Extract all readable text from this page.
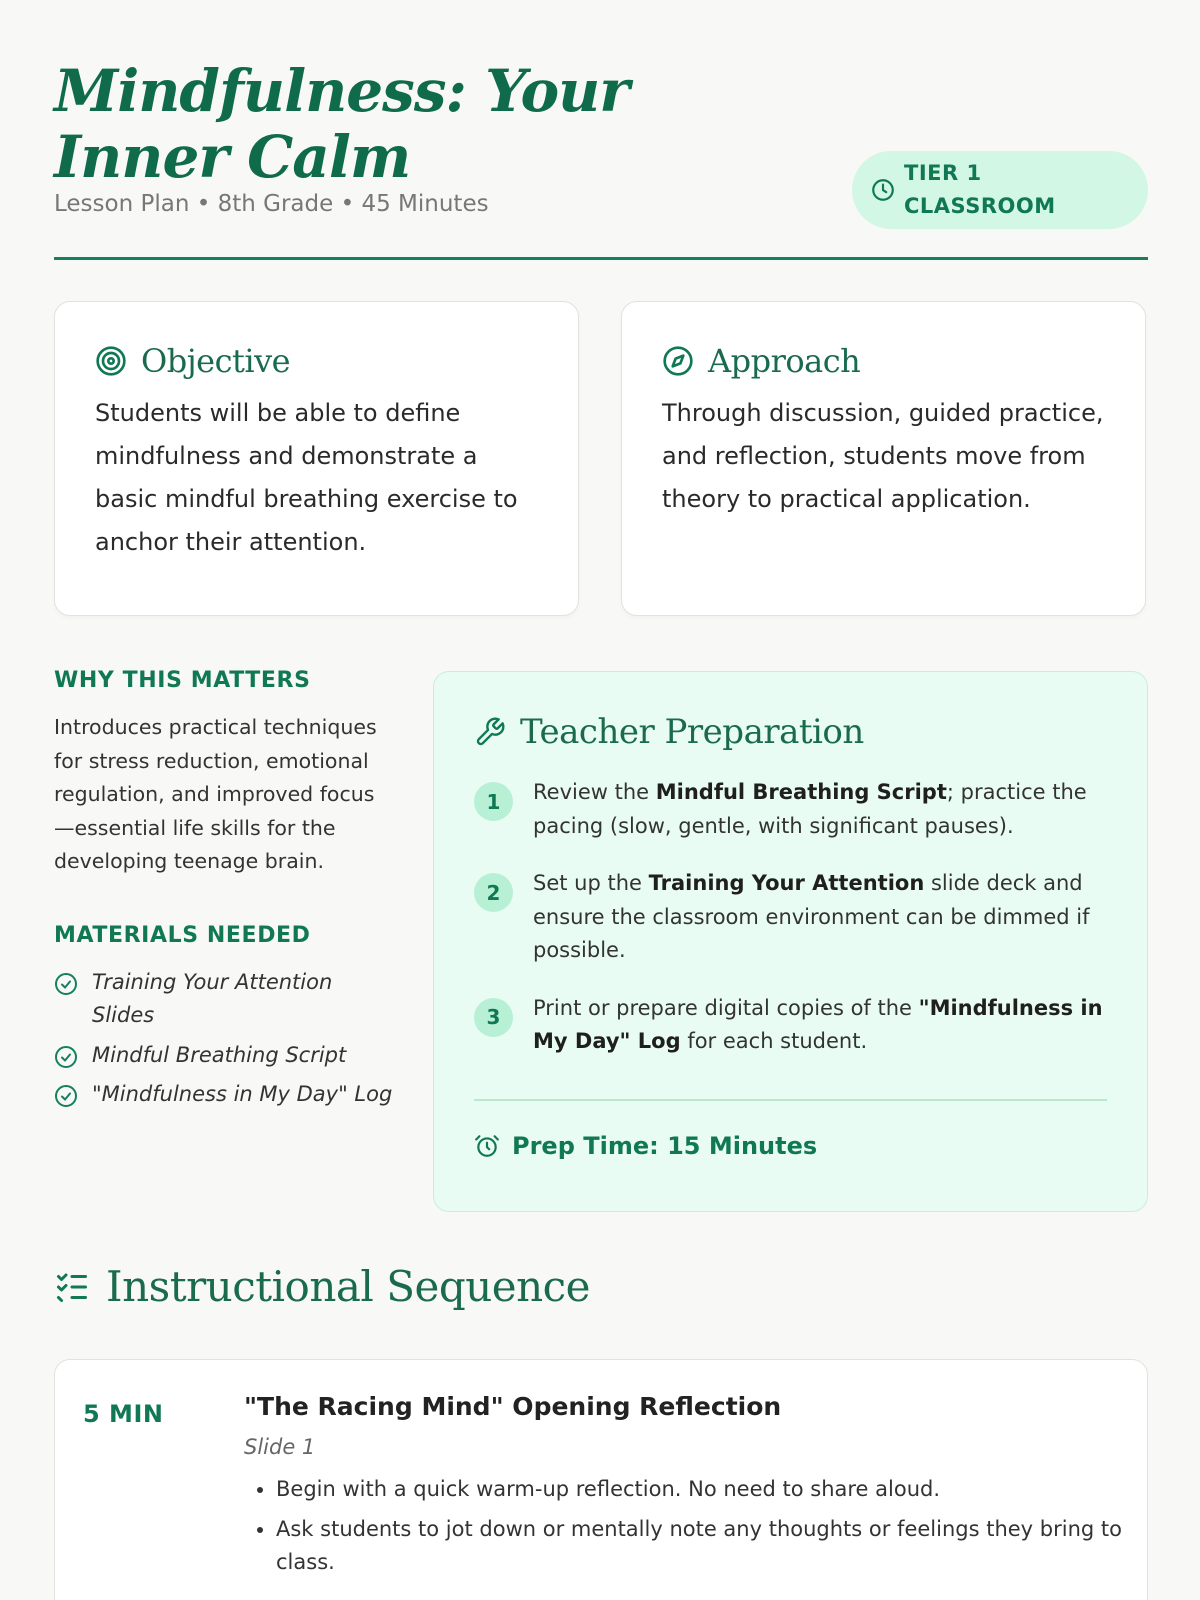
Mindfulness: Your Inner Calm
Lesson Plan • 8th Grade • 45 Minutes
TIER 1
CLASSROOM
Objective

Students will be able to define mindfulness and demonstrate a basic mindful breathing exercise to anchor their attention.

Approach

Through discussion, guided practice, and reflection, students move from theory to practical application.

WHY THIS MATTERS
Introduces practical techniques for stress reduction, emotional regulation, and improved focus—essential life skills for the developing teenage brain.
MATERIALS NEEDED
Training Your Attention Slides
Mindful Breathing Script
"Mindfulness in My Day" Log
Teacher Preparation
1	Review the Mindful Breathing Script; practice the pacing (slow, gentle, with significant pauses).
2	Set up the Training Your Attention slide deck and ensure the classroom environment can be dimmed if possible.
3	Print or prepare digital copies of the "Mindfulness in My Day" Log for each student.
Prep Time: 15 Minutes
Instructional Sequence
5 MIN	"The Racing Mind" Opening Reflection
Slide 1
• Begin with a quick warm-up reflection. No need to share aloud.
• Ask students to jot down or mentally note any thoughts or feelings they bring to class.
